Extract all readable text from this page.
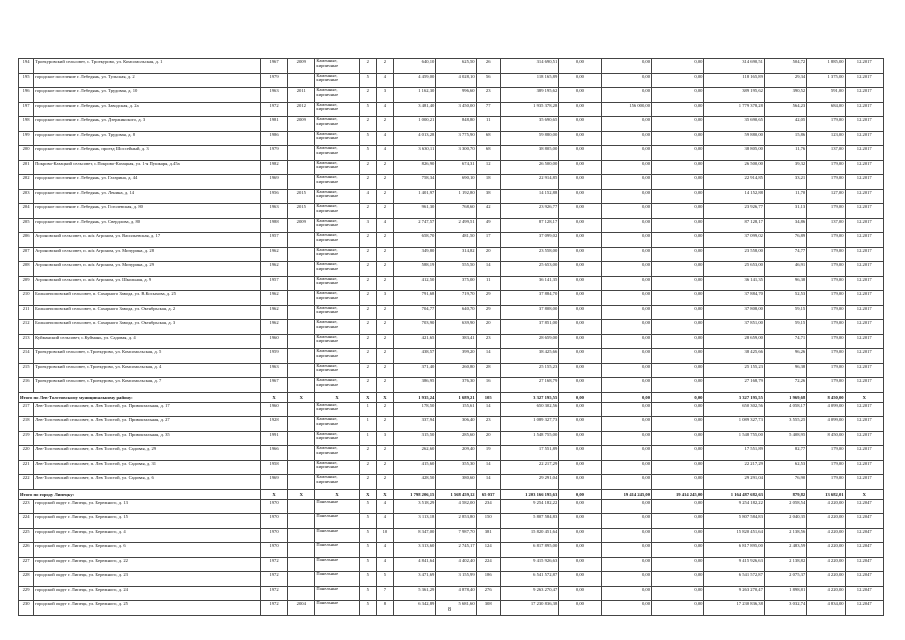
194	Троекуровский сельсовет, с. Троекурово, ул. Комсомольская, д. 1	1967	2009	Каменные, кирпичные	2	2	640,10	625,50	26	314 690,51	0,00	0,00	0,00	314 690,51	504,72	1 885,00	12.2017
195	городское поселение г. Лебедянь, ул. Тульская, д. 2	1979		Каменные, кирпичные	5	4	4 459,00	4 028,10	56	118 165,89	0,00	0,00	0,00	118 165,89	29,34	1 375,00	12.2017
196	городское поселение г. Лебедянь, ул. Трудовая, д. 10	1963	2011	Каменные, кирпичные	2	3	1 162,30	996,60	23	389 195,62	0,00	0,00	0,00	389 195,62	390,52	591,00	12.2017
197	городское поселение г. Лебедянь, ул. Заводская, д. 2а	1972	2012	Каменные, кирпичные	5	4	3 481,40	3 450,00	77	1 935 378,28	0,00	156 000,00	0,00	1 779 378,28	564,23	684,00	12.2017
198	городское поселение г. Лебедянь, ул. Дзержинского, д. 3	1981	2009	Каменные, кирпичные	2	2	1 000,21	848,80	11	35 690,65	0,00	0,00	0,00	35 690,65	42,05	179,00	12.2017
199	городское поселение г. Лебедянь, ул. Трудовая, д. 8	1986		Каменные, кирпичные	5	4	4 013,28	3 775,90	68	59 880,00	0,00	0,00	0,00	59 880,00	15,86	123,00	12.2017
200	городское поселение г. Лебедянь, проезд Шоссейный, д. 3	1979		Каменные, кирпичные	5	4	3 630,11	3 300,70	68	38 805,00	0,00	0,00	0,00	38 805,00	11,76	137,00	12.2017
201	Покрово-Казацкий сельсовет, с.Покрово-Казацкая, ул. 1-я Пушкаря, д.45а	1982		Каменные, кирпичные	2	2	826,90	674,31	12	26 500,00	0,00	0,00	0,00	26 500,00	39,32	179,00	12.2017
202	городское поселение г. Лебедянь, ул. Гагарина, д. 44	1969		Каменные, кирпичные	2	2	758,34	690,10	18	22 914,85	0,00	0,00	0,00	22 914,85	33,21	179,00	12.2017
203	городское поселение г. Лебедянь, ул. Ленина, д. 14	1956	2015	Каменные, кирпичные	4	2	1 401,97	1 192,80	38	14 152,88	0,00	0,00	0,00	14 152,88	11,70	127,00	12.2017
204	городское поселение г. Лебедянь, ул. Гоголевская, д. 80	1963	2015	Каменные, кирпичные	2	2	961,30	768,60	42	23 926,77	0,00	0,00	0,00	23 926,77	31,13	179,00	12.2017
205	городское поселение г. Лебедянь, ул. Свердлова, д. 80	1988	2009	Каменные, кирпичные	3	4	2 747,57	2 499,51	49	87 128,17	0,00	0,00	0,00	87 128,17	34,86	137,00	12.2017
206	Агроновский сельсовет, п. ж/к Агроном, ул. Васильевская, д. 17	1957		Каменные, кирпичные	2	2	658,70	481,50	17	37 099,02	0,00	0,00	0,00	37 099,02	76,89	179,00	12.2017
207	Агроновский сельсовет, п. ж/к Агроном, ул. Мичурина, д. 28	1962		Каменные, кирпичные	2	2	349,80	314,82	20	23 558,00	0,00	0,00	0,00	23 558,00	74,77	179,00	12.2017
208	Агроновский сельсовет, п. ж/к Агроном, ул. Мичурина, д. 29	1962		Каменные, кирпичные	2	2	588,19	555,50	14	25 653,00	0,00	0,00	0,00	25 653,00	46,91	179,00	12.2017
209	Агроновский сельсовет, п. ж/к Агроном, ул. Школьная, д. 9	1957		Каменные, кирпичные	2	2	412,50	375,00	11	36 141,35	0,00	0,00	0,00	36 141,35	96,38	179,00	12.2017
210	Большепоповский сельсовет, п. Сахарного Завода, ул. В.Косыхова, д. 25	1962		Каменные, кирпичные	2	3	791,68	719,70	29	37 884,70	0,00	0,00	0,00	37 884,70	52,53	179,00	12.2017
211	Большепоповский сельсовет, п. Сахарного Завода, ул. Октябрьская, д. 2	1962		Каменные, кирпичные	2	2	704,77	640,70	29	37 808,00	0,00	0,00	0,00	37 808,00	59,15	179,00	12.2017
212	Большепоповский сельсовет, п. Сахарного Завода, ул. Октябрьская, д. 3	1962		Каменные, кирпичные	2	2	703,90	639,90	20	37 851,00	0,00	0,00	0,00	37 851,00	59,15	179,00	12.2017
213	Куйманский сельсовет, с.Куймань, ул. Садовая, д. 4	1960		Каменные, кирпичные	2	2	421,65	383,41	23	28 659,00	0,00	0,00	0,00	28 659,00	74,71	179,00	12.2017
214	Троекуровский сельсовет, с.Троекурово, ул. Комсомольская, д. 5	1959		Каменные, кирпичные	2	2	438,57	399,20	14	38 425,66	0,00	0,00	0,00	38 425,66	96,26	179,00	12.2017
215	Троекуровский сельсовет, с.Троекурово, ул. Комсомольская, д. 4	1963		Каменные, кирпичные	2	2	371,40	260,80	28	25 155,23	0,00	0,00	0,00	25 155,23	96,38	179,00	12.2017
216	Троекуровский сельсовет, с.Троекурово, ул. Комсомольская, д. 7	1967		Каменные, кирпичные	2	2	386,95	376,30	16	27 168,79	0,00	0,00	0,00	27 168,79	72,26	179,00	12.2017
Итого по Лев-Толстовскому муниципальному району:		X	X	X	X	X	1 935,24	1 689,21	105	3 327 195,55	0,00	0,00	0,00	3 327 195,55	1 969,68	8 450,00	X
217	Лев-Толстовский сельсовет, п. Лев Толстой, ул. Привокзальная, д. 17	1960		Каменные, кирпичные	1	2	178,50	155,61	14	650 302,56	0,00	0,00	0,00	650 302,56	4 058,17	4 099,00	12.2017
218	Лев-Толстовский сельсовет, п. Лев Толстой, ул. Привокзальная, д. 27	1928		Каменные, кирпичные	1	2	337,94	306,40	23	1 089 327,73	0,00	0,00	0,00	1 089 327,73	3 555,25	4 099,00	12.2017
219	Лев-Толстовский сельсовет, п. Лев Толстой, ул. Привокзальная, д. 35	1991		Каменные, кирпичные	1	3	315,50	285,60	20	1 548 755,00	0,00	0,00	0,00	1 548 755,00	5 408,95	8 450,00	12.2017
220	Лев-Толстовский сельсовет, п. Лев Толстой, ул. Садовая, д. 29	1966		Каменные, кирпичные	2	2	262,60	209,40	19	17 551,89	0,00	0,00	0,00	17 551,89	82,77	179,00	12.2017
221	Лев-Толстовский сельсовет, п. Лев Толстой, ул. Садовая, д. 31	1958		Каменные, кирпичные	2	2	415,60	355,30	14	22 217,29	0,00	0,00	0,00	22 217,29	62,53	179,00	12.2017
222	Лев-Толстовский сельсовет, п. Лев Толстой, ул. Садовая, д. 6	1969		Каменные, кирпичные	2	2	428,50	380,60	14	29 291,04	0,00	0,00	0,00	29 291,04	76,90	179,00	12.2017
Итого по городу Липецку:		X	X	X	X	X	1 798 206,15	1 568 459,12	65 037	1 203 166 195,63	0,00	19 414 245,00	19 414 245,00	1 164 487 682,63	879,82	13 682,01	X
223	городской округ г. Липецк, ул. Бережного, д. 13	1970		Панельные	5	4	3 518,29	4 582,00	234	9 254 182,22	0,00	0,00	0,00	9 254 182,22	2 058,54	4 220,00	12.2047
224	городской округ г. Липецк, ул. Бережного, д. 15	1970		Панельные	5	4	3 113,18	2 853,80	150	5 807 584,83	0,00	0,00	0,00	5 807 584,83	2 040,35	4 220,00	12.2047
225	городской округ г. Липецк, ул. Бережного, д. 4	1970		Панельные	5	10	8 347,00	7 987,70	381	15 820 451,64	0,00	0,00	0,00	15 820 451,64	2 138,56	4 220,00	12.2047
226	городской округ г. Липецк, ул. Бережного, д. 6	1970		Панельные	5	4	3 313,60	2 745,17	124	6 817 895,00	0,00	0,00	0,00	6 817 895,00	2 483,59	4 220,00	12.2047
227	городской округ г. Липецк, ул. Бережного, д. 22	1972		Панельные	5	4	4 841,64	4 402,40	224	9 415 926,63	0,00	0,00	0,00	9 415 926,63	2 138,82	4 220,00	12.2047
228	городской округ г. Липецк, ул. Бережного, д. 23	1972		Панельные	5	5	3 471,69	3 155,99	186	6 541 572,87	0,00	0,00	0,00	6 541 572,87	2 075,37	4 220,00	12.2047
229	городской округ г. Липецк, ул. Бережного, д. 24	1972		Панельные	5	7	5 361,29	4 878,40	276	9 263 270,47	0,00	0,00	0,00	9 263 270,47	1 898,81	4 220,00	12.2047
230	городской округ г. Липецк, ул. Бережного, д. 25	1972	2004	Панельные	5	8	6 342,89	5 681,60	308	17 230 836,38	0,00	0,00	0,00	17 230 836,38	3 032,74	4 834,00	12.2047
8
